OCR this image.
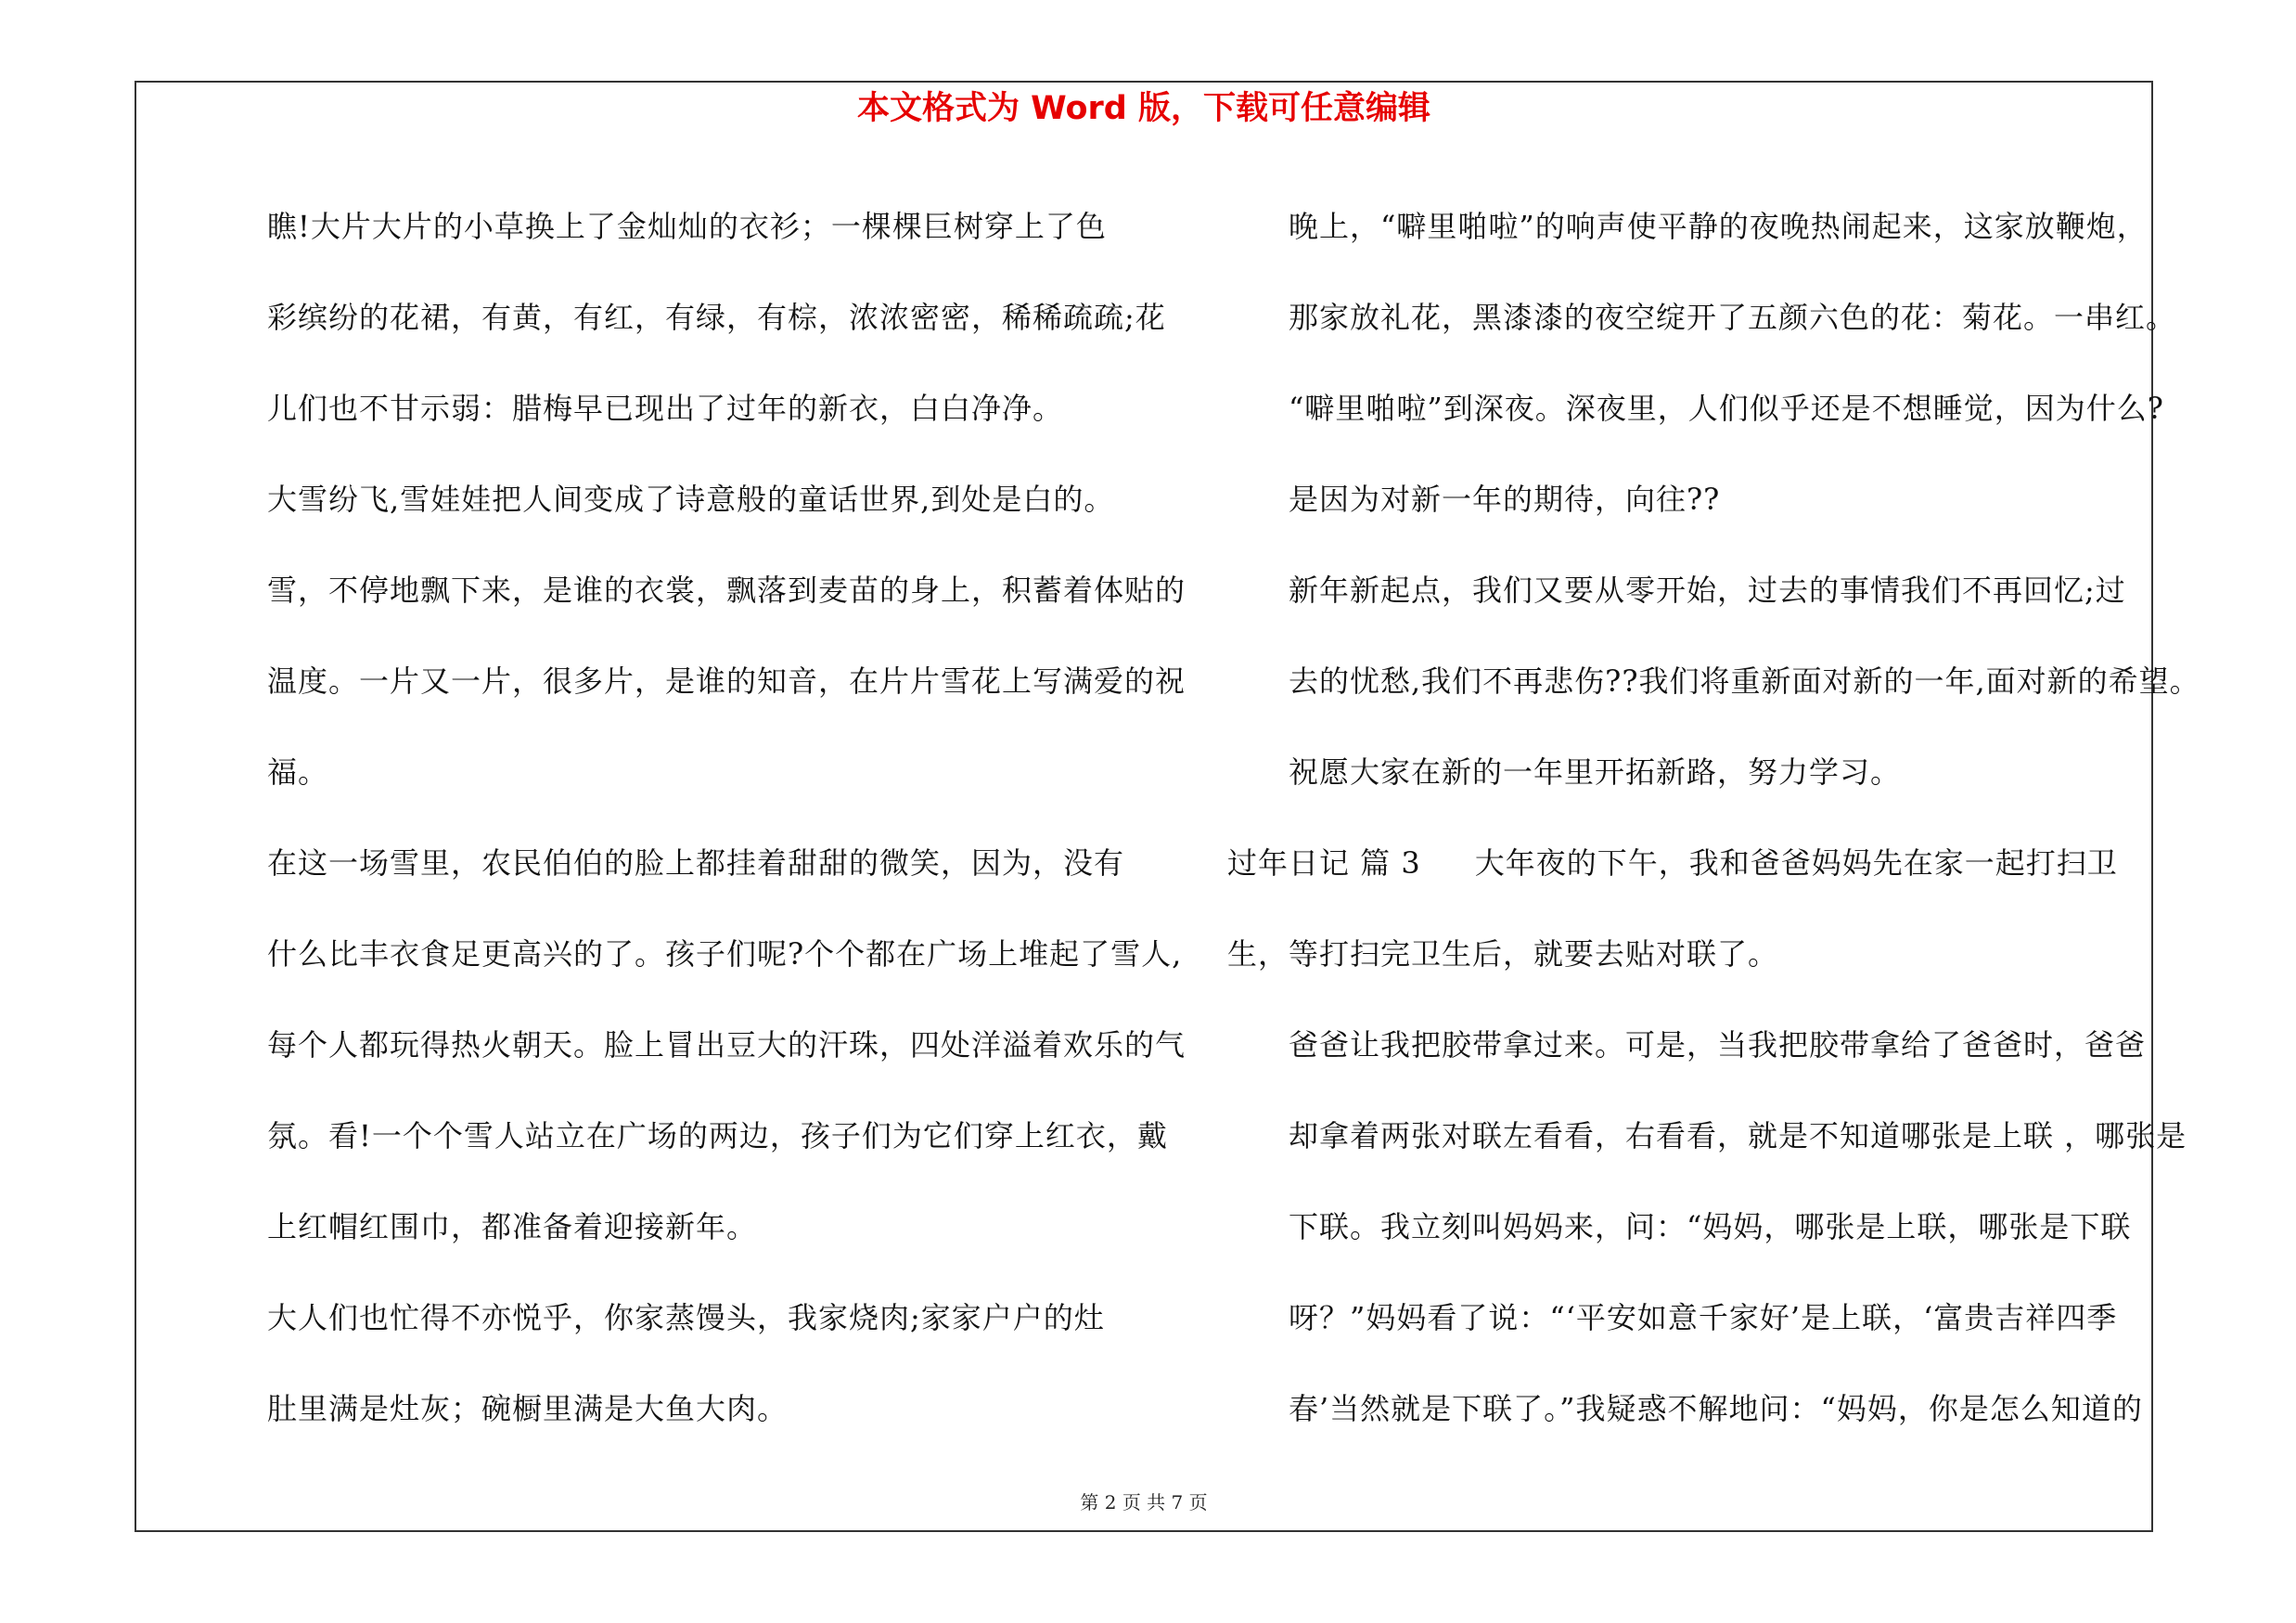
本文格式为 Word 版，下载可任意编辑

瞧!大片大片的小草换上了金灿灿的衣衫；一棵棵巨树穿上了色
彩缤纷的花裙，有黄，有红，有绿，有棕，浓浓密密，稀稀疏疏;花
儿们也不甘示弱：腊梅早已现出了过年的新衣，白白净净。

大雪纷飞,雪娃娃把人间变成了诗意般的童话世界,到处是白的。
雪，不停地飘下来，是谁的衣裳，飘落到麦苗的身上，积蓄着体贴的
温度。一片又一片，很多片，是谁的知音，在片片雪花上写满爱的祝
福。

在这一场雪里，农民伯伯的脸上都挂着甜甜的微笑，因为，没有
什么比丰衣食足更高兴的了。孩子们呢?个个都在广场上堆起了雪人,
每个人都玩得热火朝天。脸上冒出豆大的汗珠，四处洋溢着欢乐的气
氛。看!一个个雪人站立在广场的两边，孩子们为它们穿上红衣，戴
上红帽红围巾，都准备着迎接新年。

大人们也忙得不亦悦乎，你家蒸馒头，我家烧肉;家家户户的灶
肚里满是灶灰；碗橱里满是大鱼大肉。

晚上，“噼里啪啦”的响声使平静的夜晚热闹起来，这家放鞭炮，
那家放礼花，黑漆漆的夜空绽开了五颜六色的花：菊花。一串红。
“噼里啪啦”到深夜。深夜里，人们似乎还是不想睡觉，因为什么?
是因为对新一年的期待，向往??

新年新起点，我们又要从零开始，过去的事情我们不再回忆;过
去的忧愁,我们不再悲伤??我们将重新面对新的一年,面对新的希望。

祝愿大家在新的一年里开拓新路，努力学习。

过年日记 篇 3 大年夜的下午，我和爸爸妈妈先在家一起打扫卫
生，等打扫完卫生后，就要去贴对联了。

爸爸让我把胶带拿过来。可是，当我把胶带拿给了爸爸时，爸爸
却拿着两张对联左看看，右看看，就是不知道哪张是上联 ，哪张是
下联。我立刻叫妈妈来，问：“妈妈，哪张是上联，哪张是下联
呀？”妈妈看了说：“‘平安如意千家好’是上联，‘富贵吉祥四季
春’当然就是下联了。”我疑惑不解地问：“妈妈，你是怎么知道的

第 2 页 共 7 页
